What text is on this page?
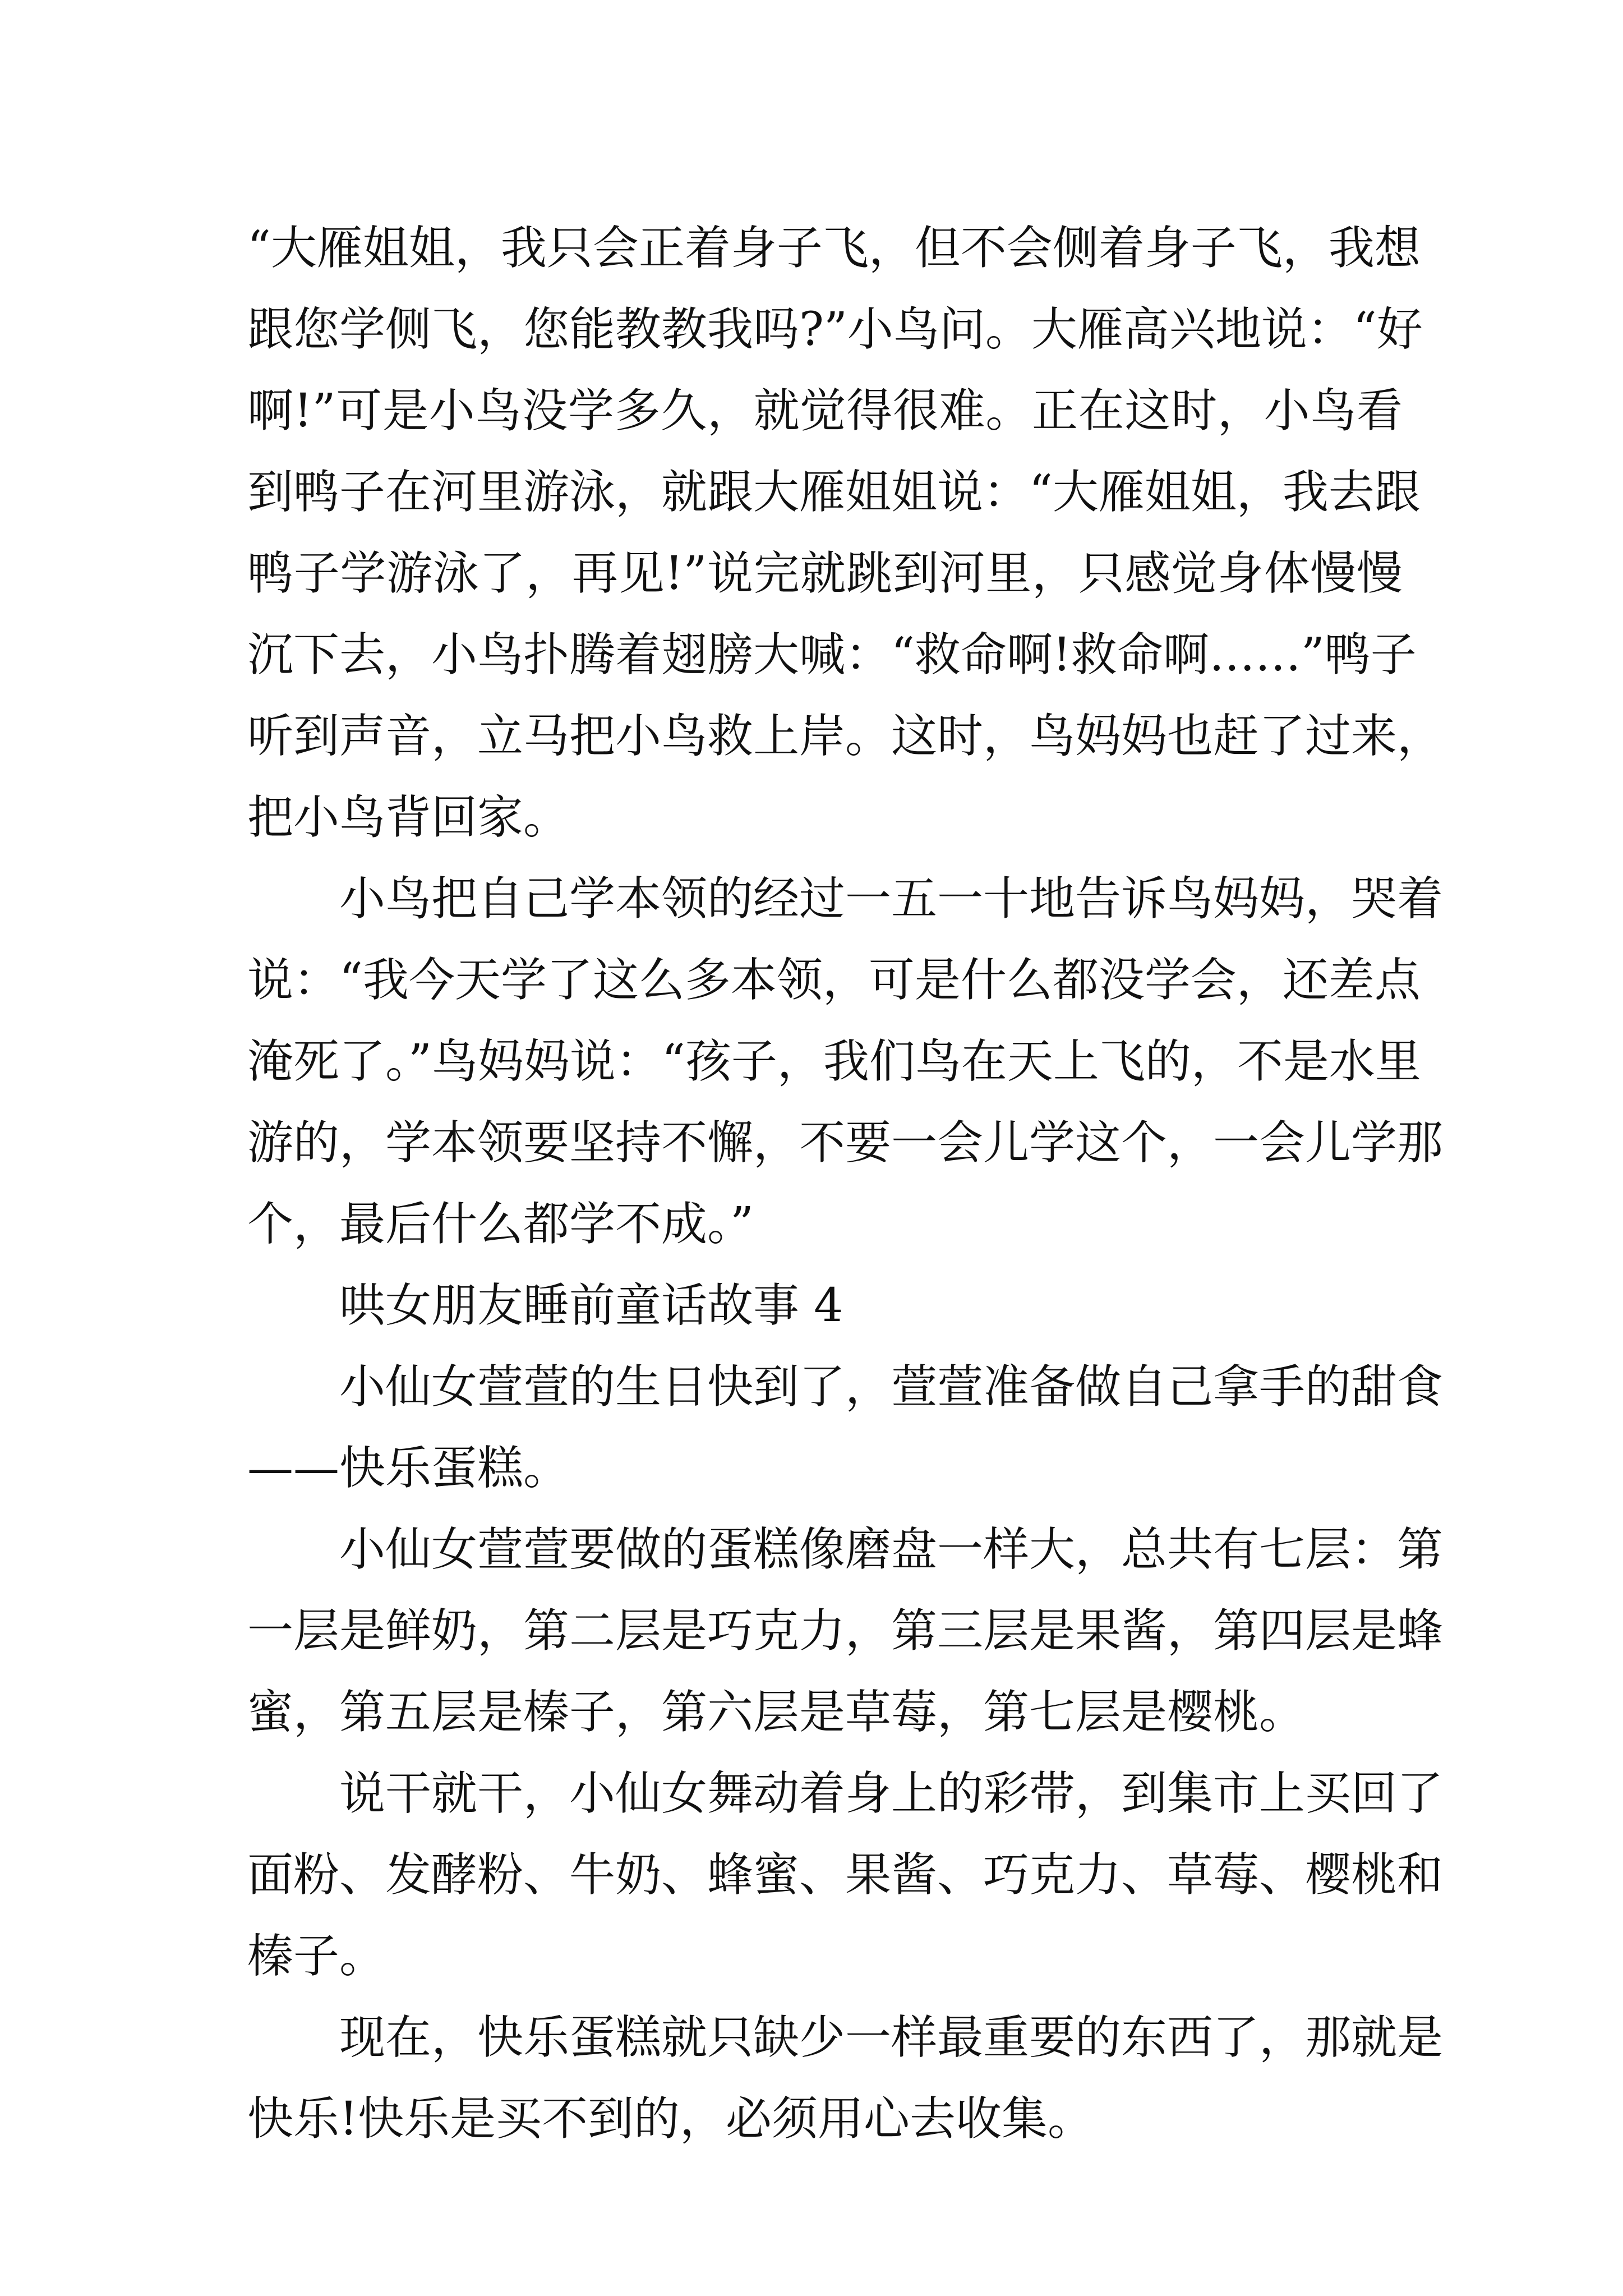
“大雁姐姐，我只会正着身子飞，但不会侧着身子飞，我想
跟您学侧飞，您能教教我吗?”小鸟问。大雁高兴地说：“好
啊!”可是小鸟没学多久，就觉得很难。正在这时，小鸟看
到鸭子在河里游泳，就跟大雁姐姐说：“大雁姐姐，我去跟
鸭子学游泳了，再见!”说完就跳到河里，只感觉身体慢慢
沉下去，小鸟扑腾着翅膀大喊：“救命啊!救命啊……”鸭子
听到声音，立马把小鸟救上岸。这时，鸟妈妈也赶了过来，
把小鸟背回家。
小鸟把自己学本领的经过一五一十地告诉鸟妈妈，哭着
说：“我今天学了这么多本领，可是什么都没学会，还差点
淹死了。”鸟妈妈说：“孩子，我们鸟在天上飞的，不是水里
游的，学本领要坚持不懈，不要一会儿学这个，一会儿学那
个，最后什么都学不成。”
哄女朋友睡前童话故事 4
小仙女萱萱的生日快到了，萱萱准备做自己拿手的甜食
——快乐蛋糕。
小仙女萱萱要做的蛋糕像磨盘一样大，总共有七层：第
一层是鲜奶，第二层是巧克力，第三层是果酱，第四层是蜂
蜜，第五层是榛子，第六层是草莓，第七层是樱桃。
说干就干，小仙女舞动着身上的彩带，到集市上买回了
面粉、发酵粉、牛奶、蜂蜜、果酱、巧克力、草莓、樱桃和
榛子。
现在，快乐蛋糕就只缺少一样最重要的东西了，那就是
快乐!快乐是买不到的，必须用心去收集。
